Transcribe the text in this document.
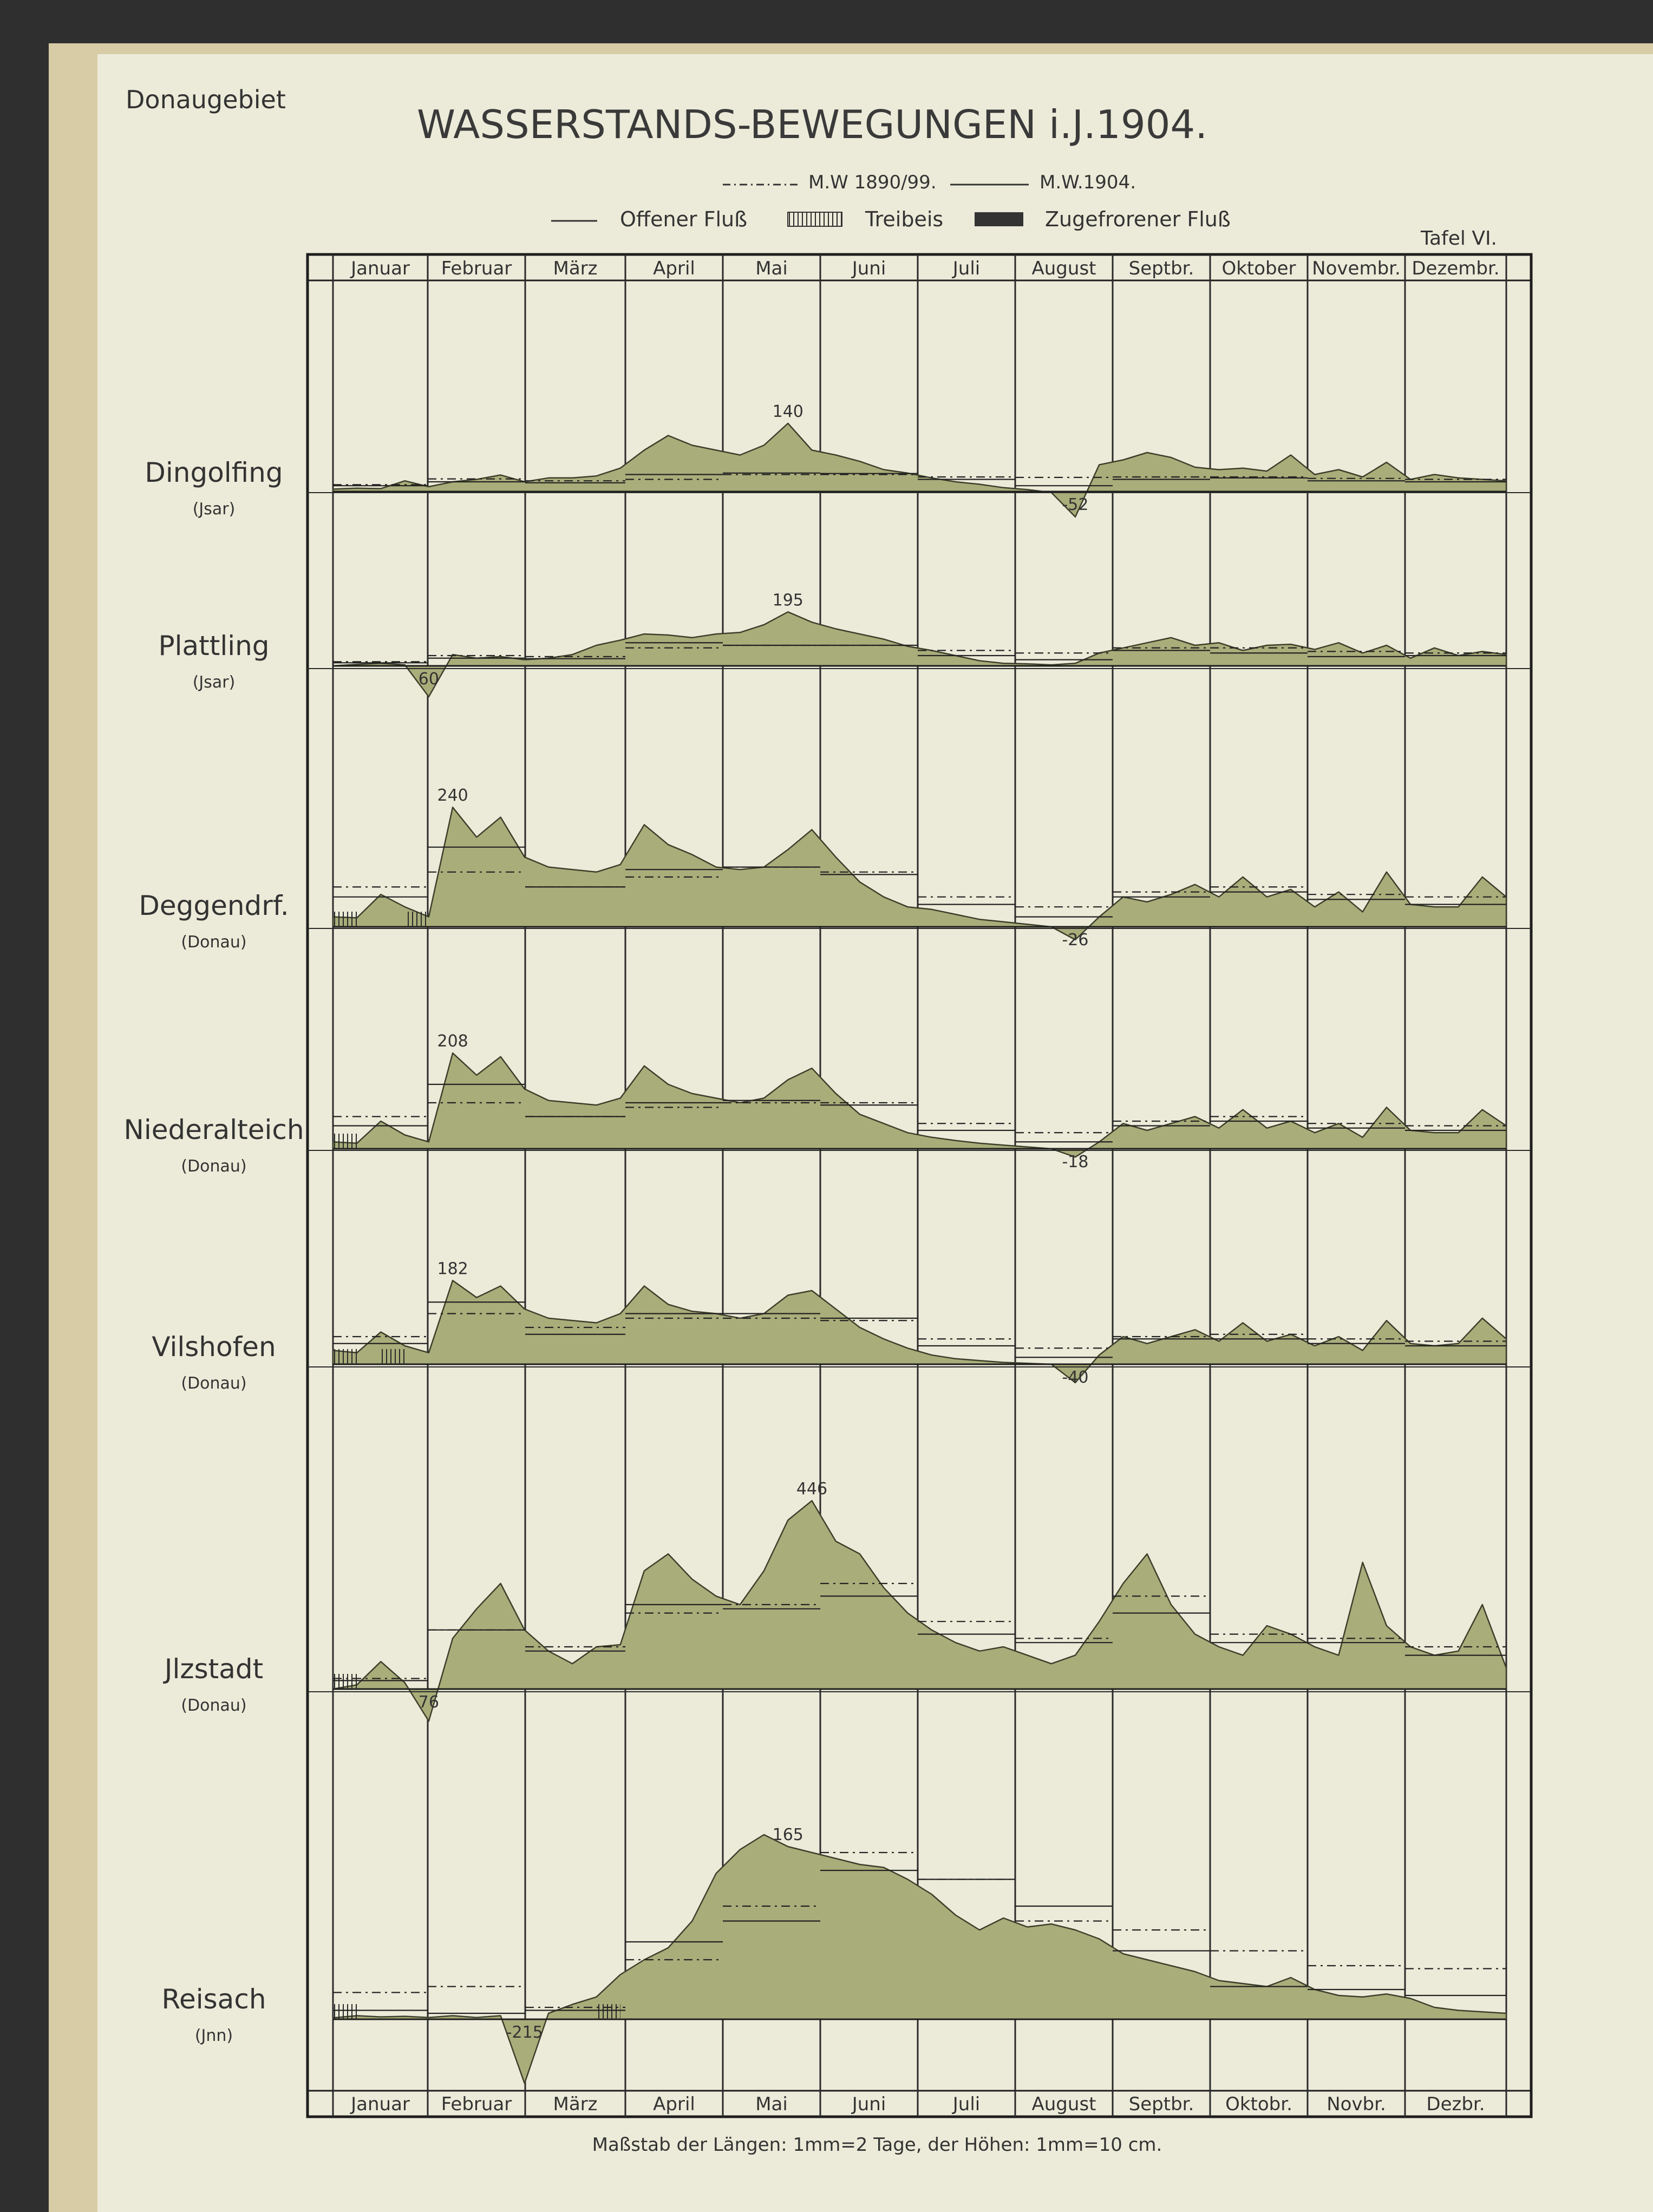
Donaugebiet
WASSERSTANDS-BEWEGUNGEN i.J.1904.
Tafel VI.
M.W 1890/99.	M.W.1904.
Offener Fluß	Treibeis	Zugefrorener Fluß
140
-52
195
60
240
-26
208
-18
182
-40
446
76
165
-215
Januar Februar März	April	Mai	Juni	Juli	August Septbr. Oktober Novembr. Dezembr.
Januar Februar März	April	Mai	Juni	Juli	August Septbr. Oktobr. Novbr. Dezbr.
Dingolfing
(Jsar)
Plattling
(Jsar)
Deggendrf.
(Donau)
Niederalteich
(Donau)
Vilshofen
(Donau)
Jlzstadt
(Donau)
Reisach
(Jnn)
Maßstab der Längen: 1mm=2 Tage, der Höhen: 1mm=10 cm.
